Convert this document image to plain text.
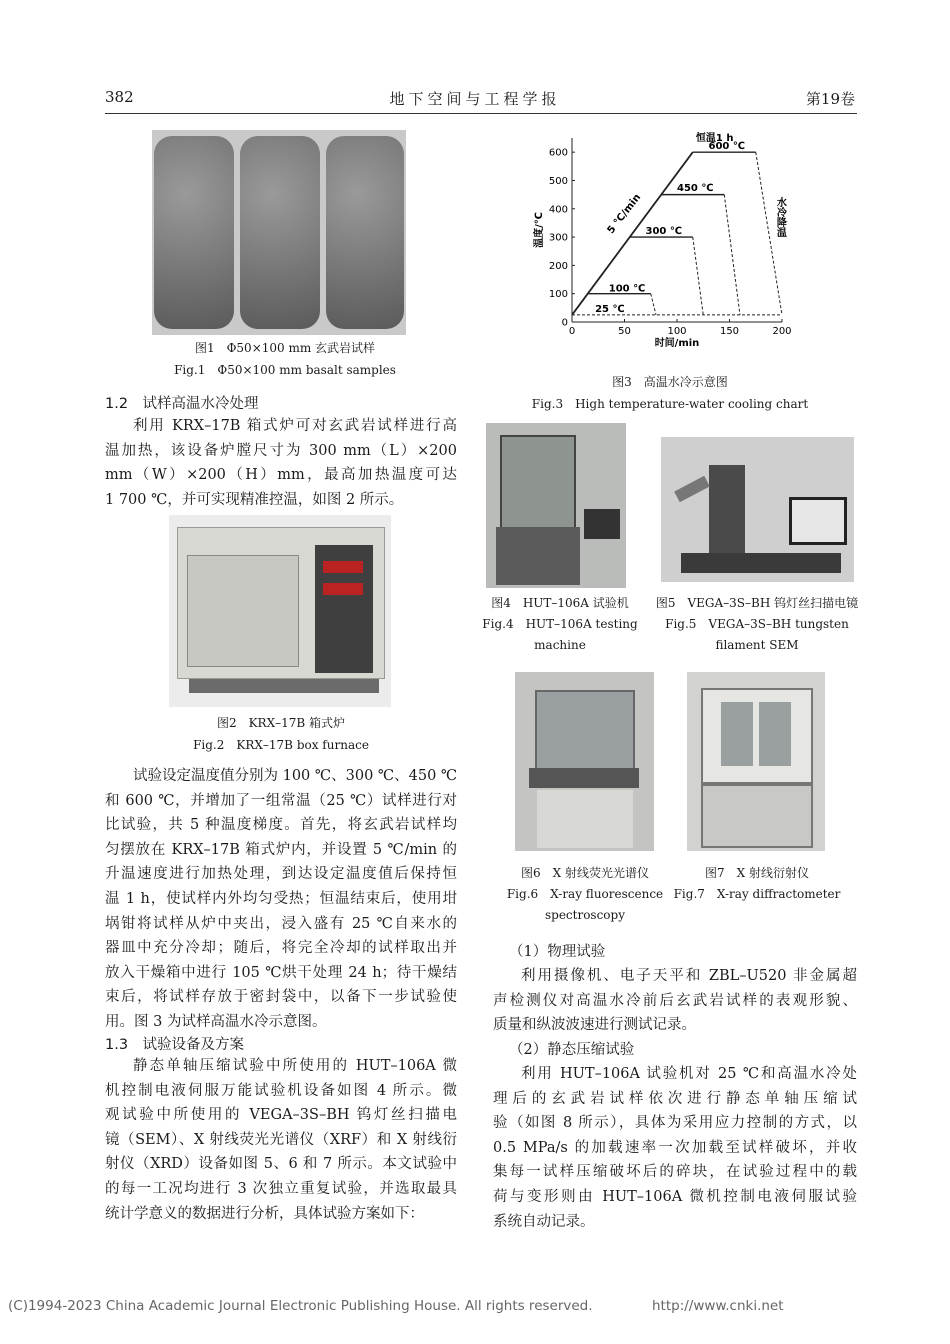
382	地下空间与工程学报	第19卷
图1　Φ50×100 mm 玄武岩试样
Fig.1　Φ50×100 mm basalt samples
1.2　试样高温水冷处理
利用 KRX–17B 箱式炉可对玄武岩试样进行高
温加热，该设备炉膛尺寸为 300 mm（L）×200
mm（W）×200（H）mm，最高加热温度可达
1 700 ℃，并可实现精准控温，如图 2 所示。
图2　KRX–17B 箱式炉
Fig.2　KRX–17B box furnace
试验设定温度值分别为 100 ℃、300 ℃、450 ℃
和 600 ℃，并增加了一组常温（25 ℃）试样进行对
比试验，共 5 种温度梯度。首先，将玄武岩试样均
匀摆放在 KRX–17B 箱式炉内，并设置 5 ℃/min 的
升温速度进行加热处理，到达设定温度值后保持恒
温 1 h，使试样内外均匀受热；恒温结束后，使用坩
埚钳将试样从炉中夹出，浸入盛有 25 ℃自来水的
器皿中充分冷却；随后，将完全冷却的试样取出并
放入干燥箱中进行 105 ℃烘干处理 24 h；待干燥结
束后，将试样存放于密封袋中，以备下一步试验使
用。图 3 为试样高温水冷示意图。
1.3　试验设备及方案
静态单轴压缩试验中所使用的 HUT–106A 微
机控制电液伺服万能试验机设备如图 4 所示。微
观试验中所使用的 VEGA–3S–BH 钨灯丝扫描电
镜（SEM）、X 射线荧光光谱仪（XRF）和 X 射线衍
射仪（XRD）设备如图 5、6 和 7 所示。本文试验中
的每一工况均进行 3 次独立重复试验，并选取最具
统计学意义的数据进行分析，具体试验方案如下：
0	50	100	150	200
0
100
200
300
400
500
600
时间/min
温度/℃
恒温1 h
600 ℃
450 ℃
300 ℃
100 ℃
25 ℃
5 ℃/min	水冷降温
图3　高温水冷示意图
Fig.3　High temperature-water cooling chart
图4　HUT–106A 试验机
Fig.4　HUT–106A testing
machine
图5　VEGA–3S–BH 钨灯丝扫描电镜
Fig.5　VEGA–3S–BH tungsten
filament SEM
图6　X 射线荧光光谱仪
Fig.6　X-ray fluorescence
spectroscopy
图7　X 射线衍射仪
Fig.7　X-ray diffractometer
（1）物理试验
利用摄像机、电子天平和 ZBL–U520 非金属超
声检测仪对高温水冷前后玄武岩试样的表观形貌、
质量和纵波波速进行测试记录。
（2）静态压缩试验
利用 HUT–106A 试验机对 25 ℃和高温水冷处
理后的玄武岩试样依次进行静态单轴压缩试
验（如图 8 所示），具体为采用应力控制的方式，以
0.5 MPa/s 的加载速率一次加载至试样破坏，并收
集每一试样压缩破坏后的碎块，在试验过程中的载
荷与变形则由 HUT–106A 微机控制电液伺服试验
系统自动记录。
(C)1994-2023 China Academic Journal Electronic Publishing House. All rights reserved.	http://www.cnki.net
